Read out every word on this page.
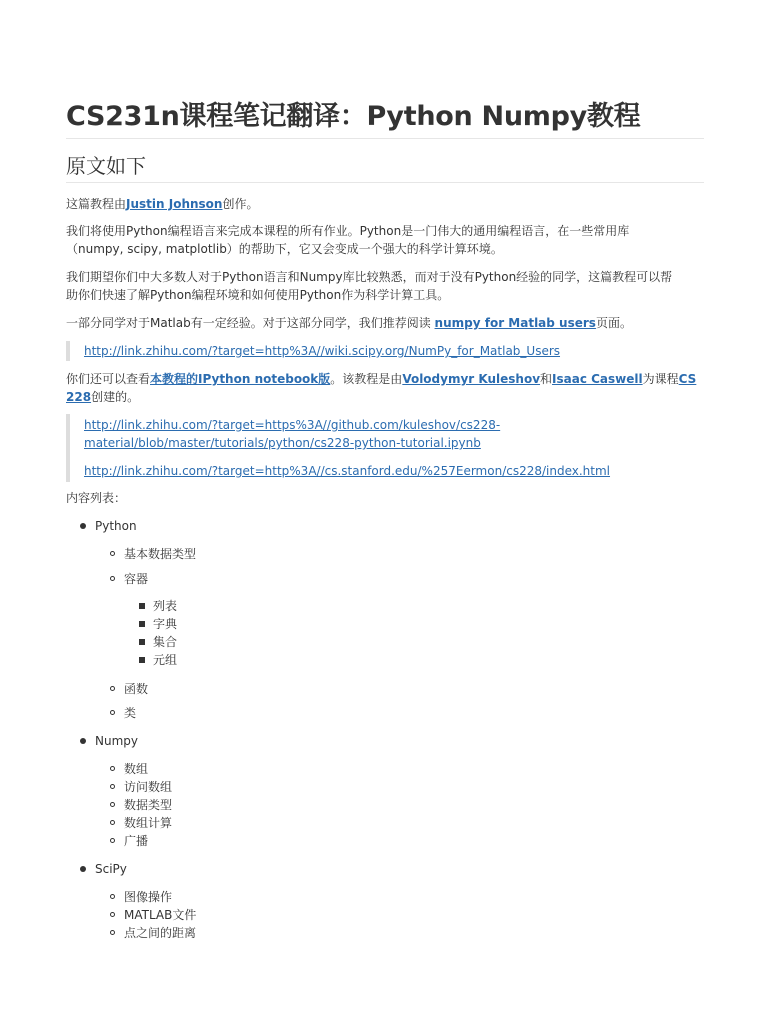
CS231n课程笔记翻译：Python Numpy教程
原文如下
这篇教程由Justin Johnson创作。
我们将使用Python编程语言来完成本课程的所有作业。Python是一门伟大的通用编程语言，在一些常用库
（numpy, scipy, matplotlib）的帮助下，它又会变成一个强大的科学计算环境。
我们期望你们中大多数人对于Python语言和Numpy库比较熟悉，而对于没有Python经验的同学，这篇教程可以帮
助你们快速了解Python编程环境和如何使用Python作为科学计算工具。
一部分同学对于Matlab有一定经验。对于这部分同学，我们推荐阅读 numpy for Matlab users页面。
http://link.zhihu.com/?target=http%3A//wiki.scipy.org/NumPy_for_Matlab_Users
你们还可以查看本教程的IPython notebook版。该教程是由Volodymyr Kuleshov和Isaac Caswell为课程CS
228创建的。
http://link.zhihu.com/?target=https%3A//github.com/kuleshov/cs228-
material/blob/master/tutorials/python/cs228-python-tutorial.ipynb
http://link.zhihu.com/?target=http%3A//cs.stanford.edu/%257Eermon/cs228/index.html
内容列表：
Python
基本数据类型
容器
列表
字典
集合
元组
函数
类
Numpy
数组
访问数组
数据类型
数组计算
广播
SciPy
图像操作
MATLAB文件
点之间的距离
